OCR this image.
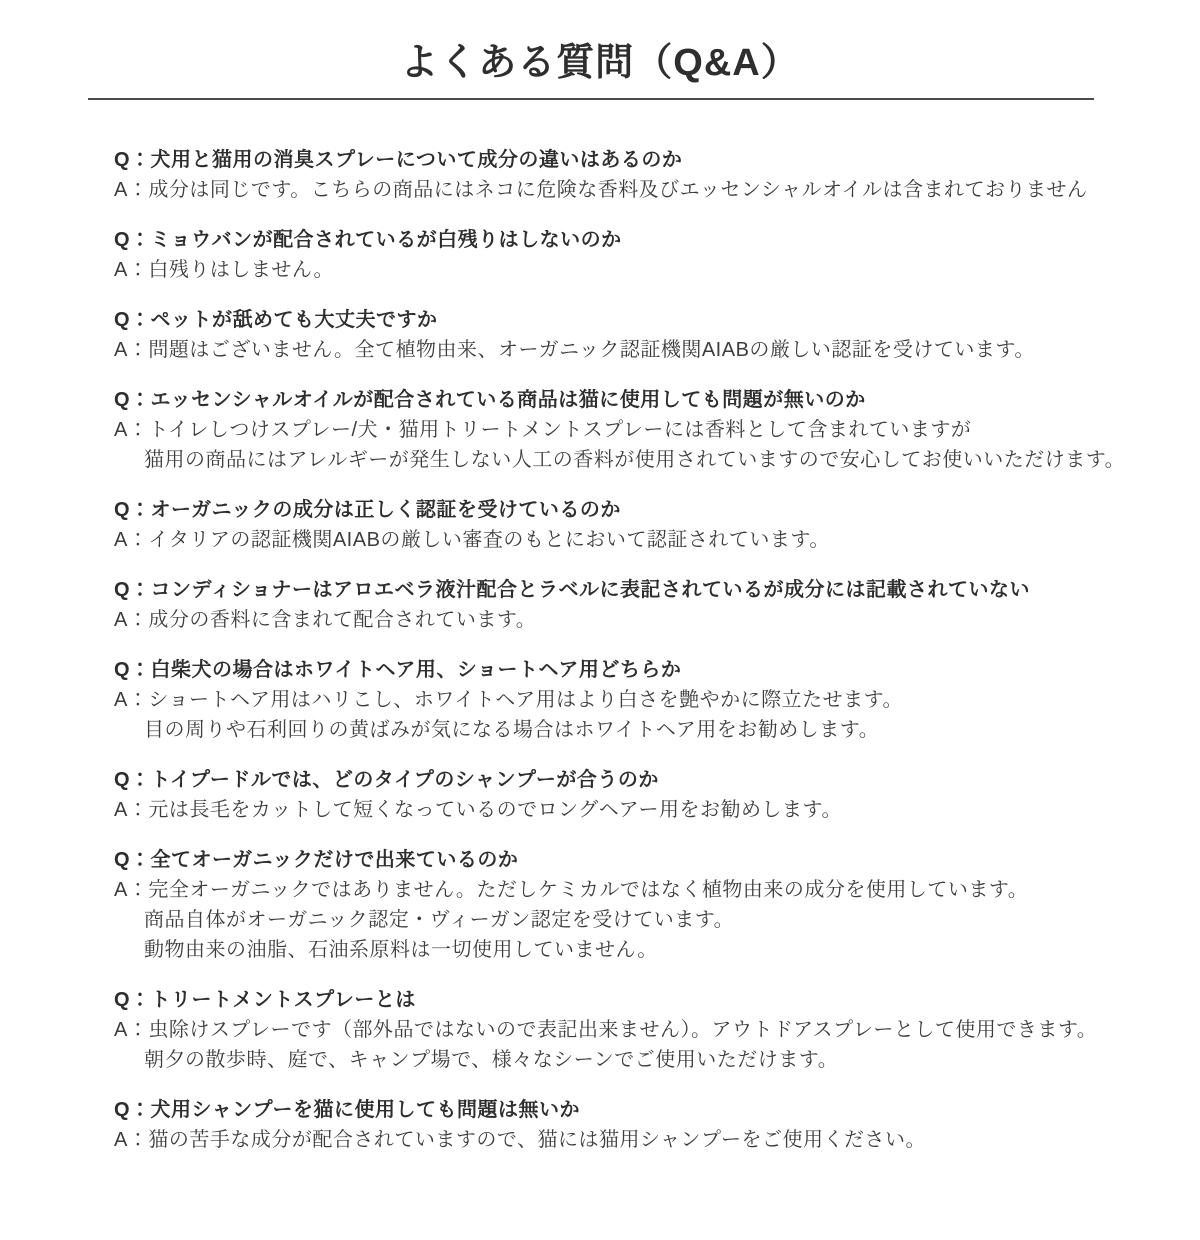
よくある質問（Q&A）

Q：犬用と猫用の消臭スプレーについて成分の違いはあるのか

A：成分は同じです。こちらの商品にはネコに危険な香料及びエッセンシャルオイルは含まれておりません

Q：ミョウバンが配合されているが白残りはしないのか

A：白残りはしません。

Q：ペットが舐めても大丈夫ですか

A：問題はございません。全て植物由来、オーガニック認証機関AIABの厳しい認証を受けています。

Q：エッセンシャルオイルが配合されている商品は猫に使用しても問題が無いのか

A：トイレしつけスプレー/犬・猫用トリートメントスプレーには香料として含まれていますが

猫用の商品にはアレルギーが発生しない人工の香料が使用されていますので安心してお使いいただけます。

Q：オーガニックの成分は正しく認証を受けているのか

A：イタリアの認証機関AIABの厳しい審査のもとにおいて認証されています。

Q：コンディショナーはアロエベラ液汁配合とラベルに表記されているが成分には記載されていない

A：成分の香料に含まれて配合されています。

Q：白柴犬の場合はホワイトヘア用、ショートヘア用どちらか

A：ショートヘア用はハリこし、ホワイトヘア用はより白さを艶やかに際立たせます。

目の周りや石利回りの黄ばみが気になる場合はホワイトヘア用をお勧めします。

Q：トイプードルでは、どのタイプのシャンプーが合うのか

A：元は長毛をカットして短くなっているのでロングヘアー用をお勧めします。

Q：全てオーガニックだけで出来ているのか

A：完全オーガニックではありません。ただしケミカルではなく植物由来の成分を使用しています。

商品自体がオーガニック認定・ヴィーガン認定を受けています。

動物由来の油脂、石油系原料は一切使用していません。

Q：トリートメントスプレーとは

A：虫除けスプレーです（部外品ではないので表記出来ません）。アウトドアスプレーとして使用できます。

朝夕の散歩時、庭で、キャンプ場で、様々なシーンでご使用いただけます。

Q：犬用シャンプーを猫に使用しても問題は無いか

A：猫の苦手な成分が配合されていますので、猫には猫用シャンプーをご使用ください。
